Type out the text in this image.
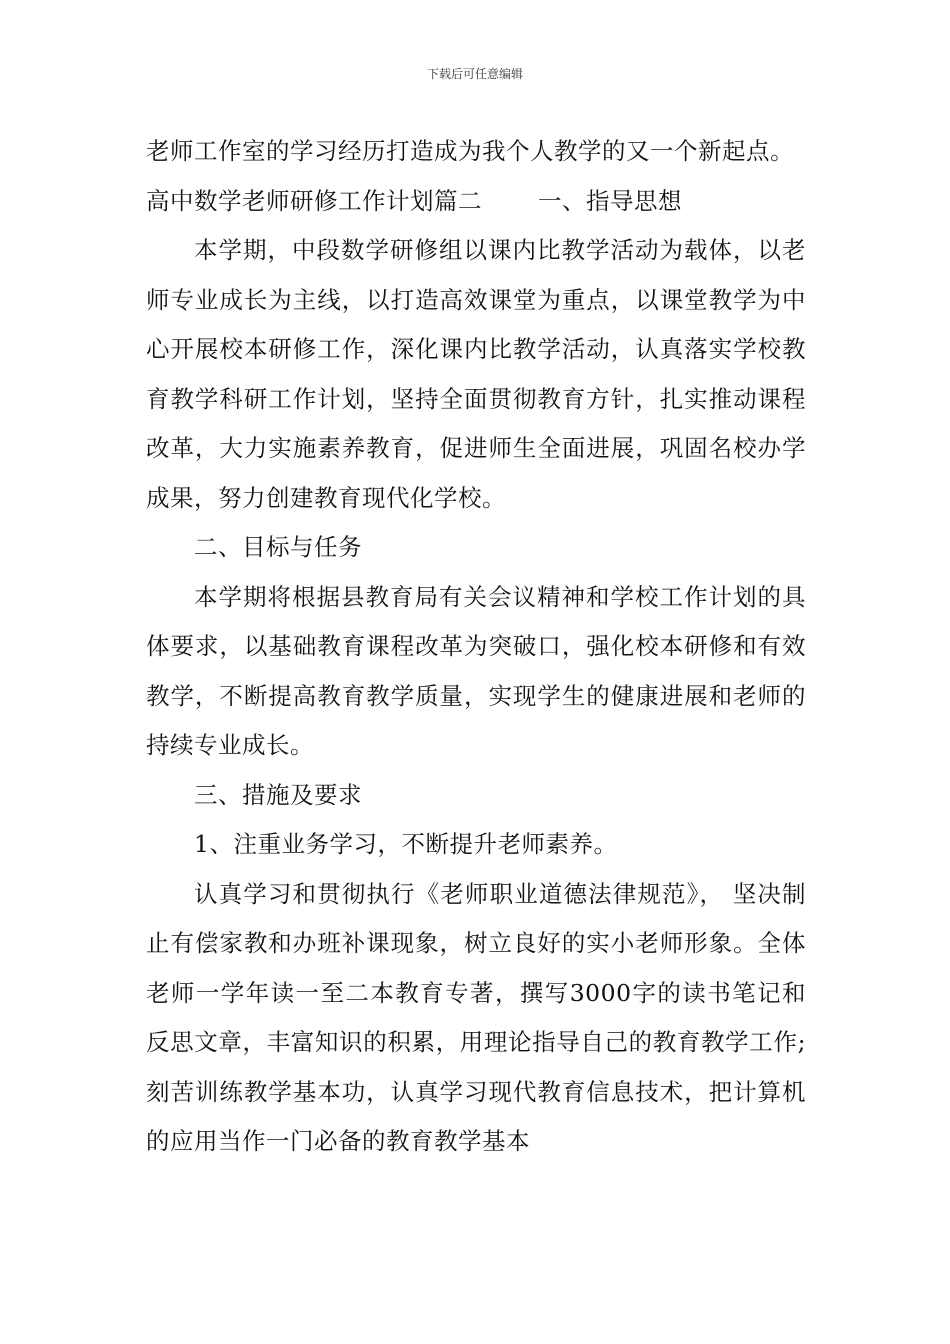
下载后可任意编辑

老师工作室的学习经历打造成为我个人教学的又一个新起点。

高中数学老师研修工作计划篇二　　 一、指导思想

本学期，中段数学研修组以课内比教学活动为载体，以老师专业成长为主线，以打造高效课堂为重点，以课堂教学为中心开展校本研修工作，深化课内比教学活动，认真落实学校教育教学科研工作计划，坚持全面贯彻教育方针，扎实推动课程改革，大力实施素养教育，促进师生全面进展，巩固名校办学成果，努力创建教育现代化学校。

二、目标与任务

本学期将根据县教育局有关会议精神和学校工作计划的具体要求，以基础教育课程改革为突破口，强化校本研修和有效教学，不断提高教育教学质量，实现学生的健康进展和老师的持续专业成长。

三、措施及要求

1、注重业务学习，不断提升老师素养。

认真学习和贯彻执行《老师职业道德法律规范》， 坚决制止有偿家教和办班补课现象，树立良好的实小老师形象。全体老师一学年读一至二本教育专著，撰写3000字的读书笔记和反思文章，丰富知识的积累，用理论指导自己的教育教学工作;刻苦训练教学基本功，认真学习现代教育信息技术，把计算机的应用当作一门必备的教育教学基本
